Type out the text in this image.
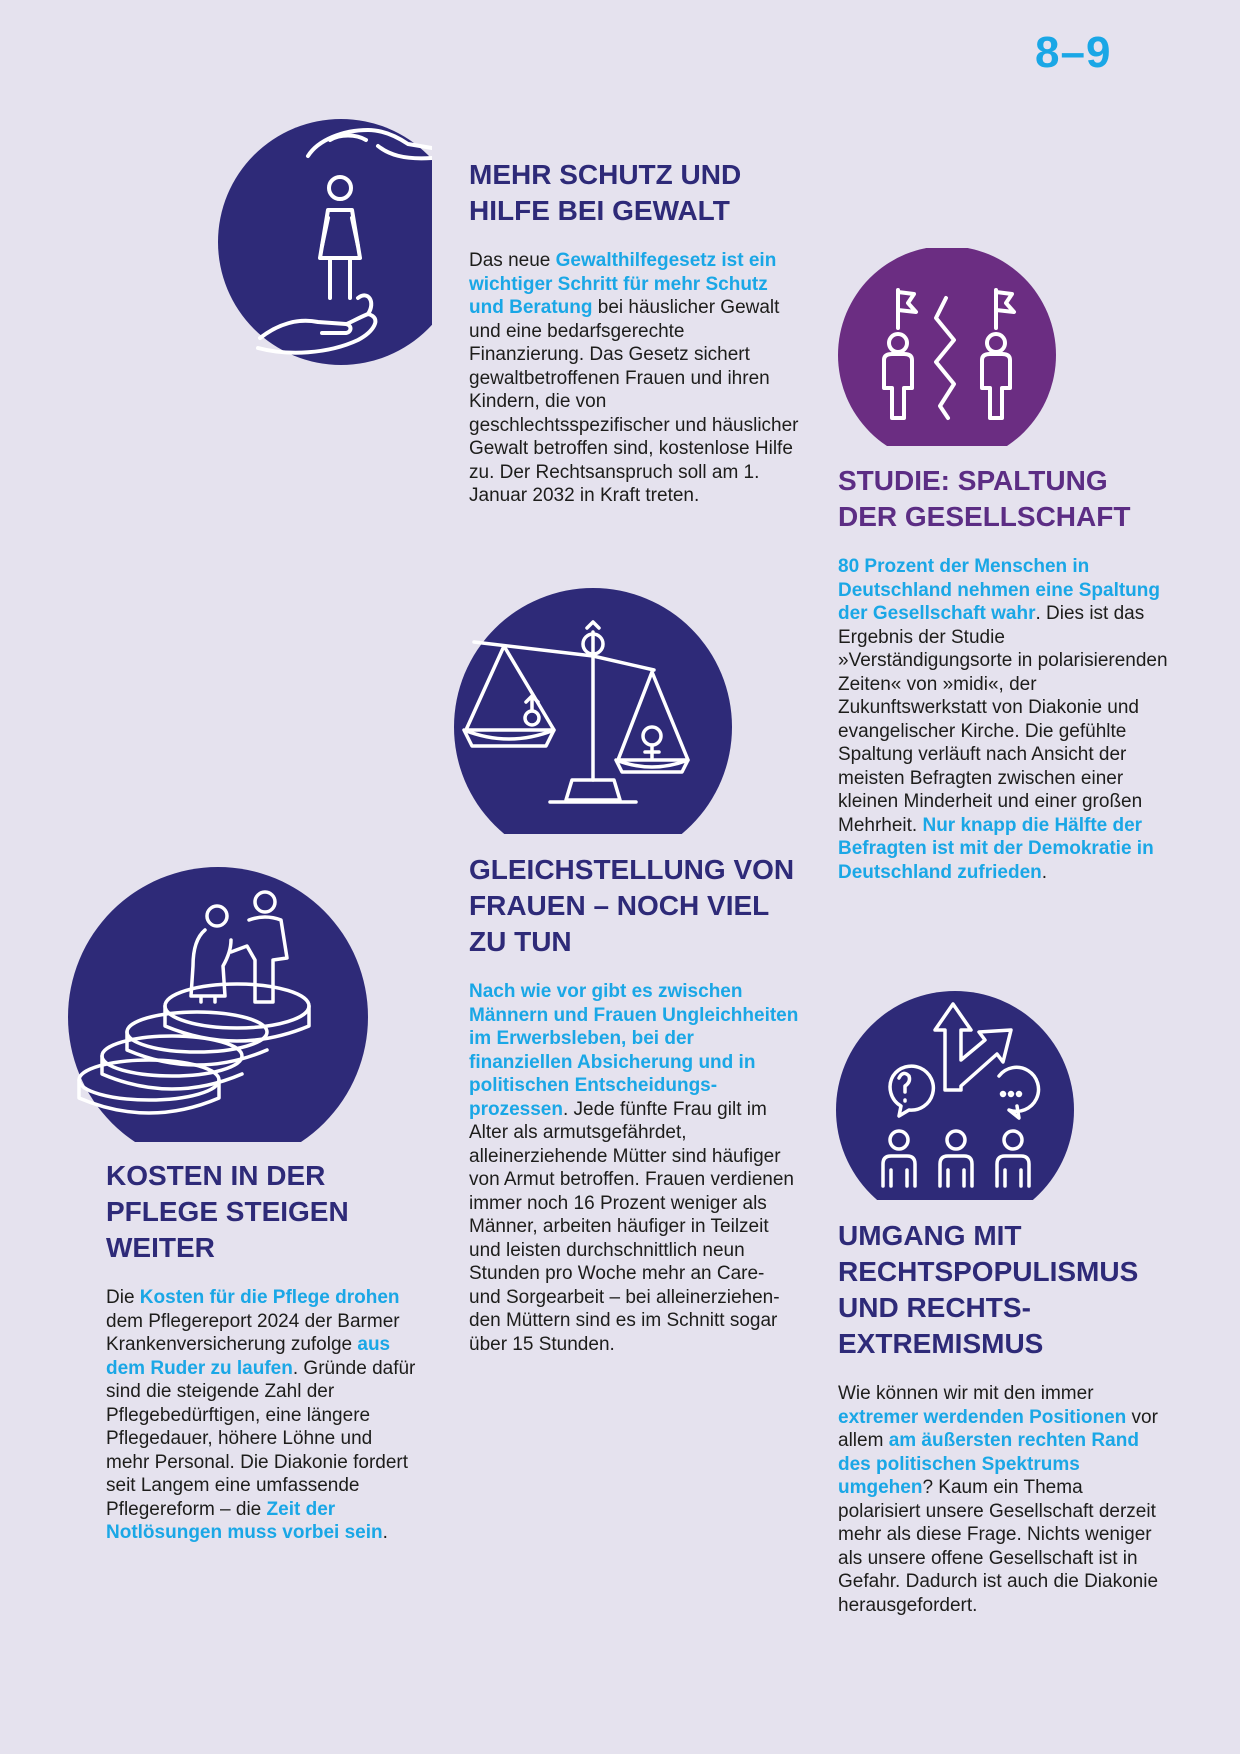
8–9
MEHR SCHUTZ UND HILFE BEI GEWALT

Das neue Gewalthilfegesetz ist ein wichtiger Schritt für mehr Schutz und Beratung bei häuslicher Gewalt und eine bedarfsgerechte Finanzierung. Das Gesetz sichert gewaltbetroffenen Frauen und ihren Kindern, die von geschlechtsspezifischer und häuslicher Gewalt betroffen sind, kostenlose Hilfe zu. Der Rechtsanspruch soll am 1. Januar 2032 in Kraft treten.	STUDIE: SPALTUNG DER GESELLSCHAFT

80 Prozent der Menschen in Deutschland nehmen eine Spaltung der Gesellschaft wahr. Dies ist das Ergebnis der Studie »Verständigungsorte in polarisierenden Zeiten« von »midi«, der Zukunftswerkstatt von Diakonie und evangelischer Kirche. Die gefühlte Spaltung verläuft nach Ansicht der meisten Befragten zwischen einer kleinen Minderheit und einer großen Mehrheit. Nur knapp die Hälfte der Befragten ist mit der Demokratie in Deutschland zufrieden.

GLEICHSTELLUNG VON FRAUEN – NOCH VIEL ZU TUN

Nach wie vor gibt es zwischen Männern und Frauen Ungleichheiten im Erwerbsleben, bei der finanziellen Absicherung und in politischen Entscheidungsprozessen. Jede fünfte Frau gilt im Alter als armutsgefährdet, alleinerziehende Mütter sind häufiger von Armut betroffen. Frauen verdienen immer noch 16 Prozent weniger als Männer, arbeiten häufiger in Teilzeit und leisten durchschnittlich neun Stunden pro Woche mehr an Care- und Sorgearbeit – bei alleinerziehenden Müttern sind es im Schnitt sogar über 15 Stunden.

KOSTEN IN DER PFLEGE STEIGEN WEITER

Die Kosten für die Pflege drohen dem Pflegereport 2024 der Barmer Krankenversicherung zufolge aus dem Ruder zu laufen. Gründe dafür sind die steigende Zahl der Pflegebedürftigen, eine längere Pflegedauer, höhere Löhne und mehr Personal. Die Diakonie fordert seit Langem eine umfassende Pflegereform – die Zeit der Notlösungen muss vorbei sein.

UMGANG MIT RECHTSPOPULISMUS UND RECHTSEXTREMISMUS

Wie können wir mit den immer extremer werdenden Positionen vor allem am äußersten rechten Rand des politischen Spektrums umgehen? Kaum ein Thema polarisiert unsere Gesellschaft derzeit mehr als diese Frage. Nichts weniger als unsere offene Gesellschaft ist in Gefahr. Dadurch ist auch die Diakonie herausgefordert.
